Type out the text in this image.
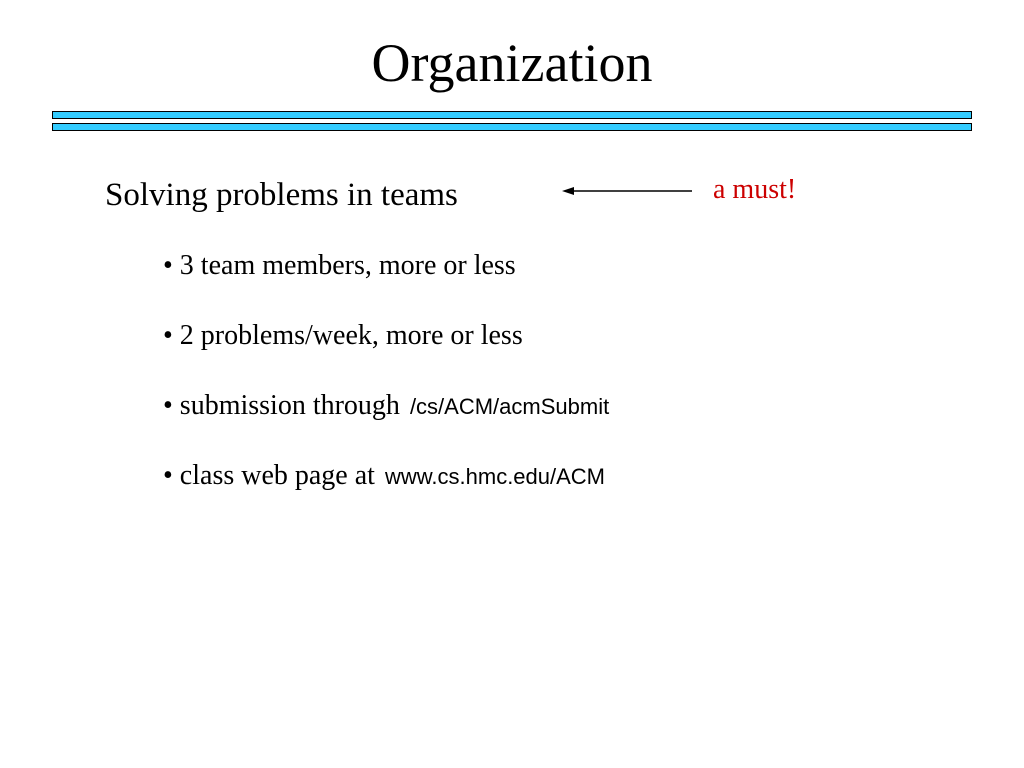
Organization
Solving problems in teams	a must!
• 3 team members, more or less
• 2 problems/week, more or less
• submission through /cs/ACM/acmSubmit
• class web page at www.cs.hmc.edu/ACM
